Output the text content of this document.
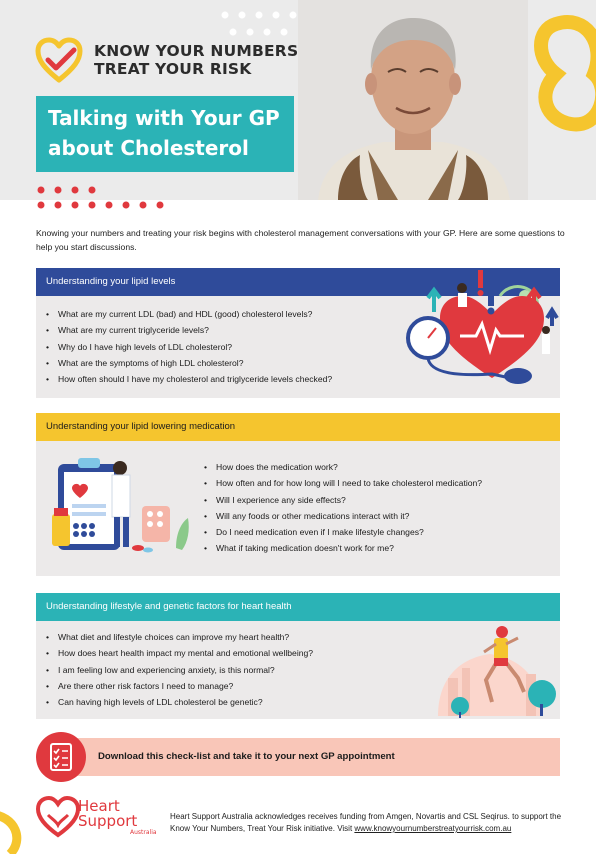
KNOW YOUR NUMBERS
TREAT YOUR RISK
Talking with Your GP
about Cholesterol

Knowing your numbers and treating your risk begins with cholesterol management conversations with your GP. Here are some questions to help you start discussions.

Understanding your lipid levels
• What are my current LDL (bad) and HDL (good) cholesterol levels?
• What are my current triglyceride levels?
• Why do I have high levels of LDL cholesterol?
• What are the symptoms of high LDL cholesterol?
• How often should I have my cholesterol and triglyceride levels checked?
Understanding your lipid lowering medication
• How does the medication work?
• How often and for how long will I need to take cholesterol medication?
• Will I experience any side effects?
• Will any foods or other medications interact with it?
• Do I need medication even if I make lifestyle changes?
• What if taking medication doesn't work for me?
Understanding lifestyle and genetic factors for heart health
• What diet and lifestyle choices can improve my heart health?
• How does heart health impact my mental and emotional wellbeing?
• I am feeling low and experiencing anxiety, is this normal?
• Are there other risk factors I need to manage?
• Can having high levels of LDL cholesterol be genetic?
Download this check-list and take it to your next GP appointment
Heart
Support
Australia

Heart Support Australia acknowledges receives funding from Amgen, Novartis and CSL Seqirus. to support the Know Your Numbers, Treat Your Risk initiative. Visit www.knowyournumberstreatyourrisk.com.au
